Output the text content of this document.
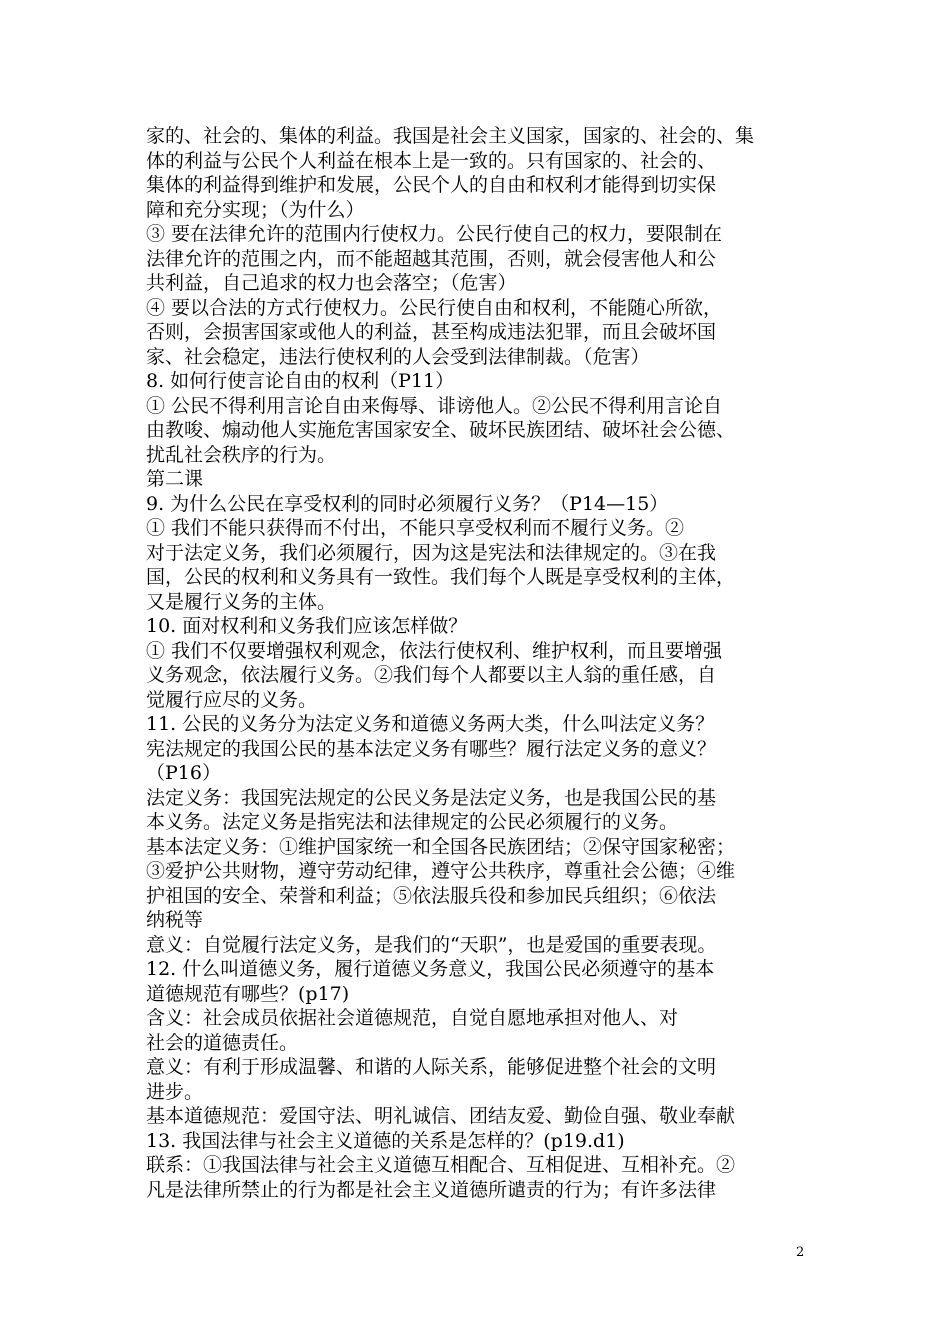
家的、社会的、集体的利益。我国是社会主义国家，国家的、社会的、集
体的利益与公民个人利益在根本上是一致的。只有国家的、社会的、
集体的利益得到维护和发展，公民个人的自由和权利才能得到切实保
障和充分实现；（为什么）
③ 要在法律允许的范围内行使权力。公民行使自己的权力，要限制在
法律允许的范围之内，而不能超越其范围，否则，就会侵害他人和公
共利益，自己追求的权力也会落空；（危害）
④ 要以合法的方式行使权力。公民行使自由和权利，不能随心所欲，
否则，会损害国家或他人的利益，甚至构成违法犯罪，而且会破坏国
家、社会稳定，违法行使权利的人会受到法律制裁。（危害）
8. 如何行使言论自由的权利（P11）
① 公民不得利用言论自由来侮辱、诽谤他人。②公民不得利用言论自
由教唆、煽动他人实施危害国家安全、破坏民族团结、破坏社会公德、
扰乱社会秩序的行为。
第二课
9. 为什么公民在享受权利的同时必须履行义务？（P14—15）
① 我们不能只获得而不付出，不能只享受权利而不履行义务。②
对于法定义务，我们必须履行，因为这是宪法和法律规定的。③在我
国，公民的权利和义务具有一致性。我们每个人既是享受权利的主体，
又是履行义务的主体。
10. 面对权利和义务我们应该怎样做？
① 我们不仅要增强权利观念，依法行使权利、维护权利，而且要增强
义务观念，依法履行义务。②我们每个人都要以主人翁的重任感，自
觉履行应尽的义务。
11. 公民的义务分为法定义务和道德义务两大类，什么叫法定义务？
宪法规定的我国公民的基本法定义务有哪些？履行法定义务的意义？
（P16）
法定义务：我国宪法规定的公民义务是法定义务，也是我国公民的基
本义务。法定义务是指宪法和法律规定的公民必须履行的义务。
基本法定义务：①维护国家统一和全国各民族团结；②保守国家秘密；
③爱护公共财物，遵守劳动纪律，遵守公共秩序，尊重社会公德；④维
护祖国的安全、荣誉和利益；⑤依法服兵役和参加民兵组织；⑥依法
纳税等
意义：自觉履行法定义务，是我们的“天职”，也是爱国的重要表现。
12. 什么叫道德义务，履行道德义务意义，我国公民必须遵守的基本
道德规范有哪些？(p17)
含义：社会成员依据社会道德规范，自觉自愿地承担对他人、对
社会的道德责任。
意义：有利于形成温馨、和谐的人际关系，能够促进整个社会的文明
进步。
基本道德规范：爱国守法、明礼诚信、团结友爱、勤俭自强、敬业奉献
13. 我国法律与社会主义道德的关系是怎样的？(p19.d1)
联系：①我国法律与社会主义道德互相配合、互相促进、互相补充。②
凡是法律所禁止的行为都是社会主义道德所谴责的行为；有许多法律
2
